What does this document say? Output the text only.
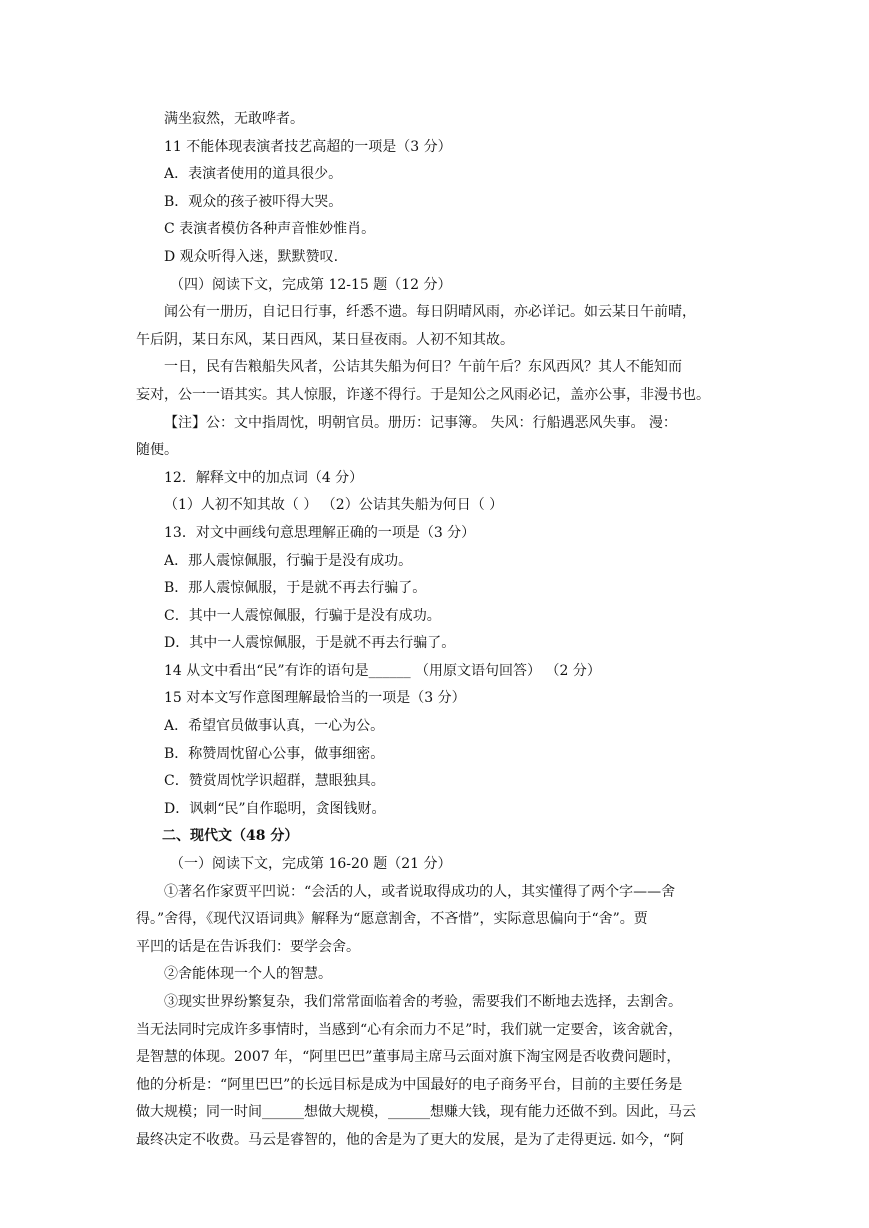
满坐寂然，无敢哗者。
11 不能体现表演者技艺高超的一项是（3 分）
A．表演者使用的道具很少。
B．观众的孩子被吓得大哭。
C 表演者模仿各种声音惟妙惟肖。
D 观众听得入迷，默默赞叹.
（四）阅读下文，完成第 12-15 题（12 分）
闻公有一册历，自记日行事，纤悉不遗。每日阴晴风雨，亦必详记。如云某日午前晴，
午后阴，某日东风，某日西风，某日昼夜雨。人初不知其故。
一日，民有告粮船失风者，公诘其失船为何日？午前午后？东风西风？其人不能知而
妄对，公一一语其实。其人惊服，诈遂不得行。于是知公之风雨必记，盖亦公事，非漫书也。
【注】公：文中指周忱，明朝官员。册历：记事簿。 失风：行船遇恶风失事。 漫：
随便。
12．解释文中的加点词（4 分）
（1）人初不知其故（ ） （2）公诘其失船为何日（ ）
13．对文中画线句意思理解正确的一项是（3 分）
A．那人震惊佩服，行骗于是没有成功。
B．那人震惊佩服，于是就不再去行骗了。
C．其中一人震惊佩服，行骗于是没有成功。
D．其中一人震惊佩服，于是就不再去行骗了。
14 从文中看出“民”有诈的语句是______ （用原文语句回答） （2 分）
15 对本文写作意图理解最恰当的一项是（3 分）
A．希望官员做事认真，一心为公。
B．称赞周忱留心公事，做事细密。
C．赞赏周忱学识超群，慧眼独具。
D．讽刺“民”自作聪明，贪图钱财。
二、现代文（48 分）
（一）阅读下文，完成第 16-20 题（21 分）
①著名作家贾平凹说：“会活的人，或者说取得成功的人，其实懂得了两个字——舍
得。”舍得，《现代汉语词典》解释为“愿意割舍，不吝惜”，实际意思偏向于“舍”。贾
平凹的话是在告诉我们：要学会舍。
②舍能体现一个人的智慧。
③现实世界纷繁复杂，我们常常面临着舍的考验，需要我们不断地去选择，去割舍。
当无法同时完成许多事情时，当感到“心有余而力不足”时，我们就一定要舍，该舍就舍，
是智慧的体现。2007 年，“阿里巴巴”董事局主席马云面对旗下淘宝网是否收费问题时，
他的分析是：“阿里巴巴”的长远目标是成为中国最好的电子商务平台，目前的主要任务是
做大规模；同一时间______想做大规模，______想赚大钱，现有能力还做不到。因此，马云
最终决定不收费。马云是睿智的，他的舍是为了更大的发展，是为了走得更远. 如今，“阿
